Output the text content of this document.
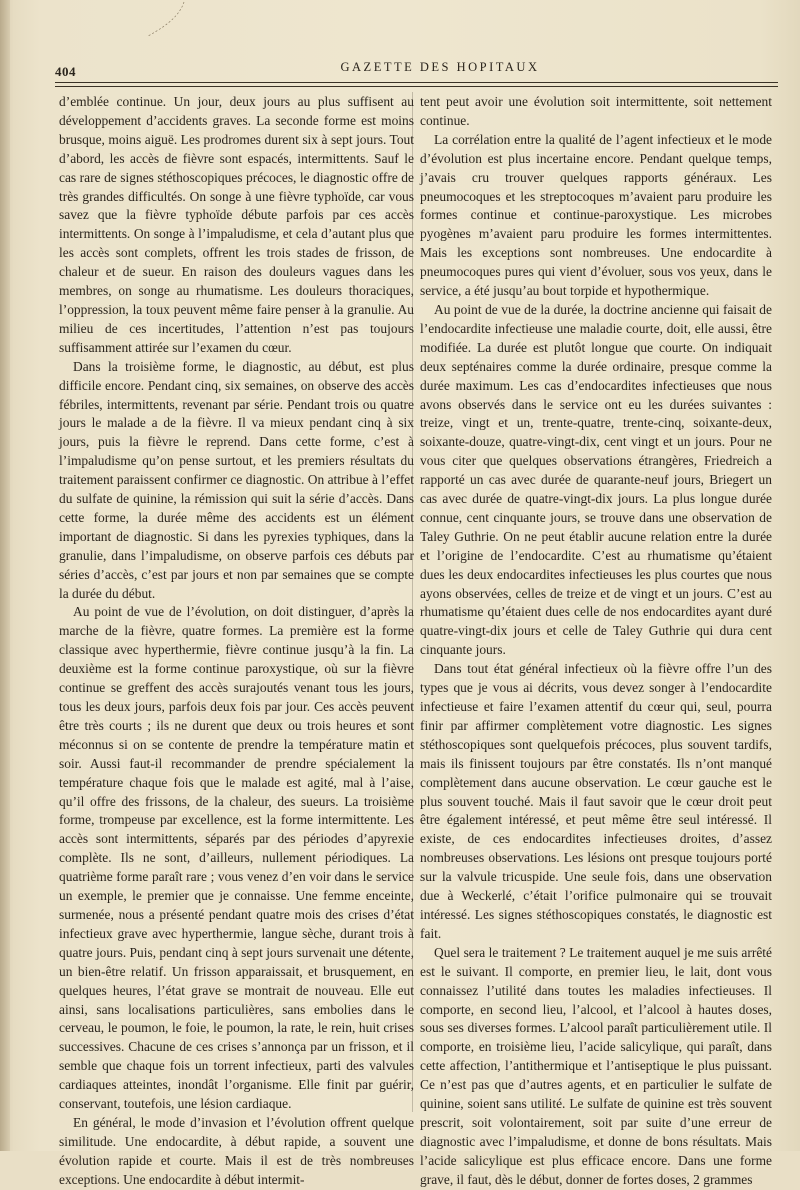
404	GAZETTE DES HOPITAUX

d’emblée continue. Un jour, deux jours au plus suffisent au développement d’accidents graves. La seconde forme est moins brusque, moins aiguë. Les prodromes durent six à sept jours. Tout d’abord, les accès de fièvre sont espacés, intermittents. Sauf le cas rare de signes stéthoscopiques précoces, le diagnostic offre de très grandes difficultés. On songe à une fièvre typhoïde, car vous savez que la fièvre typhoïde débute parfois par ces accès intermittents. On songe à l’impaludisme, et cela d’autant plus que les accès sont complets, offrent les trois stades de frisson, de chaleur et de sueur. En raison des douleurs vagues dans les membres, on songe au rhumatisme. Les douleurs thoraciques, l’oppression, la toux peuvent même faire penser à la granulie. Au milieu de ces incertitudes, l’attention n’est pas toujours suffisamment attirée sur l’examen du cœur.

Dans la troisième forme, le diagnostic, au début, est plus difficile encore. Pendant cinq, six semaines, on observe des accès fébriles, intermittents, revenant par série. Pendant trois ou quatre jours le malade a de la fièvre. Il va mieux pendant cinq à six jours, puis la fièvre le reprend. Dans cette forme, c’est à l’impaludisme qu’on pense surtout, et les premiers résultats du traitement paraissent confirmer ce diagnostic. On attribue à l’effet du sulfate de quinine, la rémission qui suit la série d’accès. Dans cette forme, la durée même des accidents est un élément important de diagnostic. Si dans les pyrexies typhiques, dans la granulie, dans l’impaludisme, on observe parfois ces débuts par séries d’accès, c’est par jours et non par semaines que se compte la durée du début.

Au point de vue de l’évolution, on doit distinguer, d’après la marche de la fièvre, quatre formes. La première est la forme classique avec hyperthermie, fièvre continue jusqu’à la fin. La deuxième est la forme continue paroxystique, où sur la fièvre continue se greffent des accès surajoutés venant tous les jours, tous les deux jours, parfois deux fois par jour. Ces accès peuvent être très courts ; ils ne durent que deux ou trois heures et sont méconnus si on se contente de prendre la température matin et soir. Aussi faut-il recommander de prendre spécialement la température chaque fois que le malade est agité, mal à l’aise, qu’il offre des frissons, de la chaleur, des sueurs. La troisième forme, trompeuse par excellence, est la forme intermittente. Les accès sont intermittents, séparés par des périodes d’apyrexie complète. Ils ne sont, d’ailleurs, nullement périodiques. La quatrième forme paraît rare ; vous venez d’en voir dans le service un exemple, le premier que je connaisse. Une femme enceinte, surmenée, nous a présenté pendant quatre mois des crises d’état infectieux grave avec hyperthermie, langue sèche, durant trois à quatre jours. Puis, pendant cinq à sept jours survenait une détente, un bien-être relatif. Un frisson apparaissait, et brusquement, en quelques heures, l’état grave se montrait de nouveau. Elle eut ainsi, sans localisations particulières, sans embolies dans le cerveau, le poumon, le foie, le poumon, la rate, le rein, huit crises successives. Chacune de ces crises s’annonça par un frisson, et il semble que chaque fois un torrent infectieux, parti des valvules cardiaques atteintes, inondât l’organisme. Elle finit par guérir, conservant, toutefois, une lésion cardiaque.

En général, le mode d’invasion et l’évolution offrent quelque similitude. Une endocardite, à début rapide, a souvent une évolution rapide et courte. Mais il est de très nombreuses exceptions. Une endocardite à début intermit-

tent peut avoir une évolution soit intermittente, soit nettement continue.

La corrélation entre la qualité de l’agent infectieux et le mode d’évolution est plus incertaine encore. Pendant quelque temps, j’avais cru trouver quelques rapports généraux. Les pneumocoques et les streptocoques m’avaient paru produire les formes continue et continue-paroxystique. Les microbes pyogènes m’avaient paru produire les formes intermittentes. Mais les exceptions sont nombreuses. Une endocardite à pneumocoques pures qui vient d’évoluer, sous vos yeux, dans le service, a été jusqu’au bout torpide et hypothermique.

Au point de vue de la durée, la doctrine ancienne qui faisait de l’endocardite infectieuse une maladie courte, doit, elle aussi, être modifiée. La durée est plutôt longue que courte. On indiquait deux septénaires comme la durée ordinaire, presque comme la durée maximum. Les cas d’endocardites infectieuses que nous avons observés dans le service ont eu les durées suivantes : treize, vingt et un, trente-quatre, trente-cinq, soixante-deux, soixante-douze, quatre-vingt-dix, cent vingt et un jours. Pour ne vous citer que quelques observations étrangères, Friedreich a rapporté un cas avec durée de quarante-neuf jours, Briegert un cas avec durée de quatre-vingt-dix jours. La plus longue durée connue, cent cinquante jours, se trouve dans une observation de Taley Guthrie. On ne peut établir aucune relation entre la durée et l’origine de l’endocardite. C’est au rhumatisme qu’étaient dues les deux endocardites infectieuses les plus courtes que nous ayons observées, celles de treize et de vingt et un jours. C’est au rhumatisme qu’étaient dues celle de nos endocardites ayant duré quatre-vingt-dix jours et celle de Taley Guthrie qui dura cent cinquante jours.

Dans tout état général infectieux où la fièvre offre l’un des types que je vous ai décrits, vous devez songer à l’endocardite infectieuse et faire l’examen attentif du cœur qui, seul, pourra finir par affirmer complètement votre diagnostic. Les signes stéthoscopiques sont quelquefois précoces, plus souvent tardifs, mais ils finissent toujours par être constatés. Ils n’ont manqué complètement dans aucune observation. Le cœur gauche est le plus souvent touché. Mais il faut savoir que le cœur droit peut être également intéressé, et peut même être seul intéressé. Il existe, de ces endocardites infectieuses droites, d’assez nombreuses observations. Les lésions ont presque toujours porté sur la valvule tricuspide. Une seule fois, dans une observation due à Weckerlé, c’était l’orifice pulmonaire qui se trouvait intéressé. Les signes stéthoscopiques constatés, le diagnostic est fait.

Quel sera le traitement ? Le traitement auquel je me suis arrêté est le suivant. Il comporte, en premier lieu, le lait, dont vous connaissez l’utilité dans toutes les maladies infectieuses. Il comporte, en second lieu, l’alcool, et l’alcool à hautes doses, sous ses diverses formes. L’alcool paraît particulièrement utile. Il comporte, en troisième lieu, l’acide salicylique, qui paraît, dans cette affection, l’antithermique et l’antiseptique le plus puissant. Ce n’est pas que d’autres agents, et en particulier le sulfate de quinine, soient sans utilité. Le sulfate de quinine est très souvent prescrit, soit volontairement, soit par suite d’une erreur de diagnostic avec l’impaludisme, et donne de bons résultats. Mais l’acide salicylique est plus efficace encore. Dans une forme grave, il faut, dès le début, donner de fortes doses, 2 grammes
